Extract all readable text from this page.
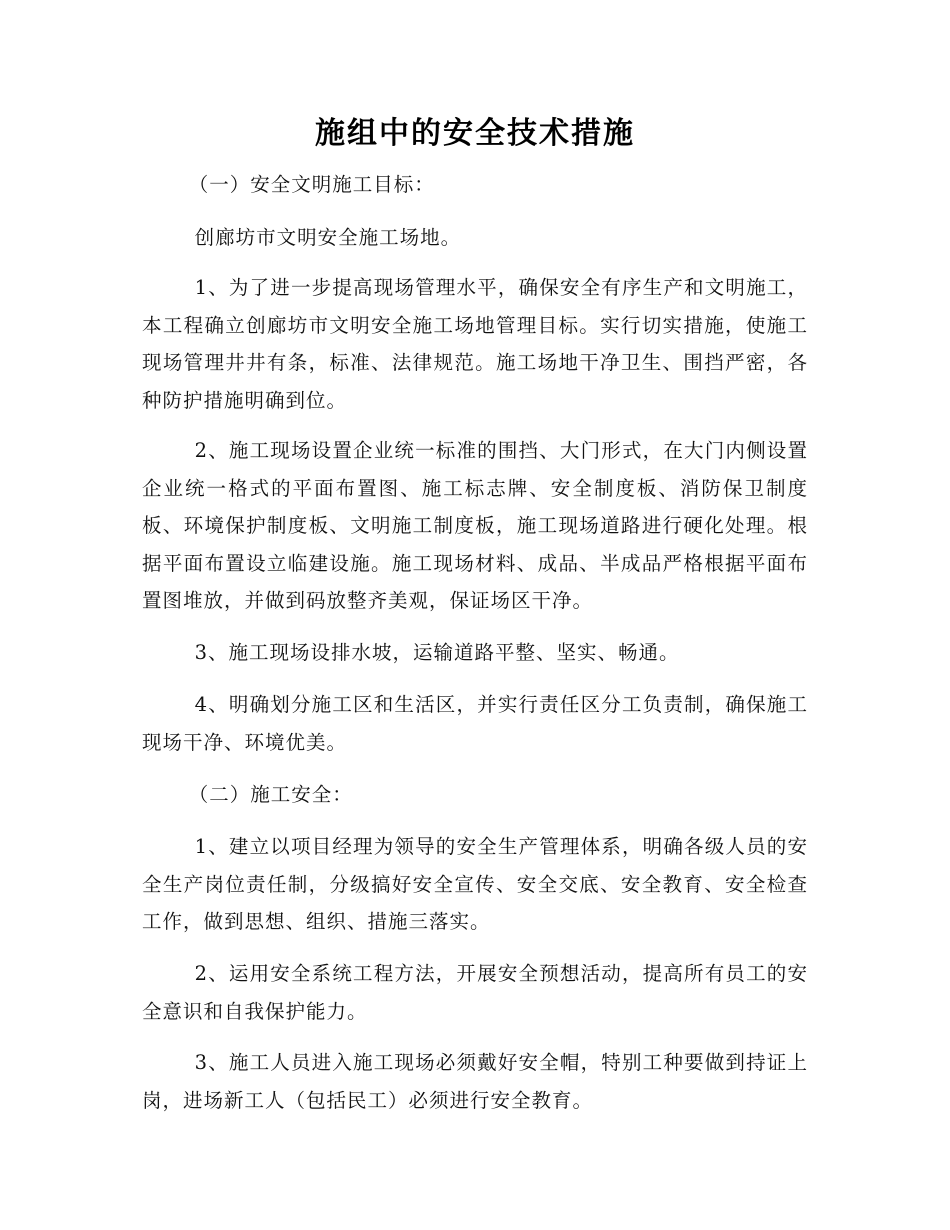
施组中的安全技术措施

（一）安全文明施工目标：

创廊坊市文明安全施工场地。

1、为了进一步提高现场管理水平，确保安全有序生产和文明施工，本工程确立创廊坊市文明安全施工场地管理目标。实行切实措施，使施工现场管理井井有条，标准、法律规范。施工场地干净卫生、围挡严密，各种防护措施明确到位。

2、施工现场设置企业统一标准的围挡、大门形式，在大门内侧设置企业统一格式的平面布置图、施工标志牌、安全制度板、消防保卫制度板、环境保护制度板、文明施工制度板，施工现场道路进行硬化处理。根据平面布置设立临建设施。施工现场材料、成品、半成品严格根据平面布置图堆放，并做到码放整齐美观，保证场区干净。

3、施工现场设排水坡，运输道路平整、坚实、畅通。

4、明确划分施工区和生活区，并实行责任区分工负责制，确保施工现场干净、环境优美。

（二）施工安全：

1、建立以项目经理为领导的安全生产管理体系，明确各级人员的安全生产岗位责任制，分级搞好安全宣传、安全交底、安全教育、安全检查工作，做到思想、组织、措施三落实。

2、运用安全系统工程方法，开展安全预想活动，提高所有员工的安全意识和自我保护能力。

3、施工人员进入施工现场必须戴好安全帽，特别工种要做到持证上岗，进场新工人（包括民工）必须进行安全教育。
